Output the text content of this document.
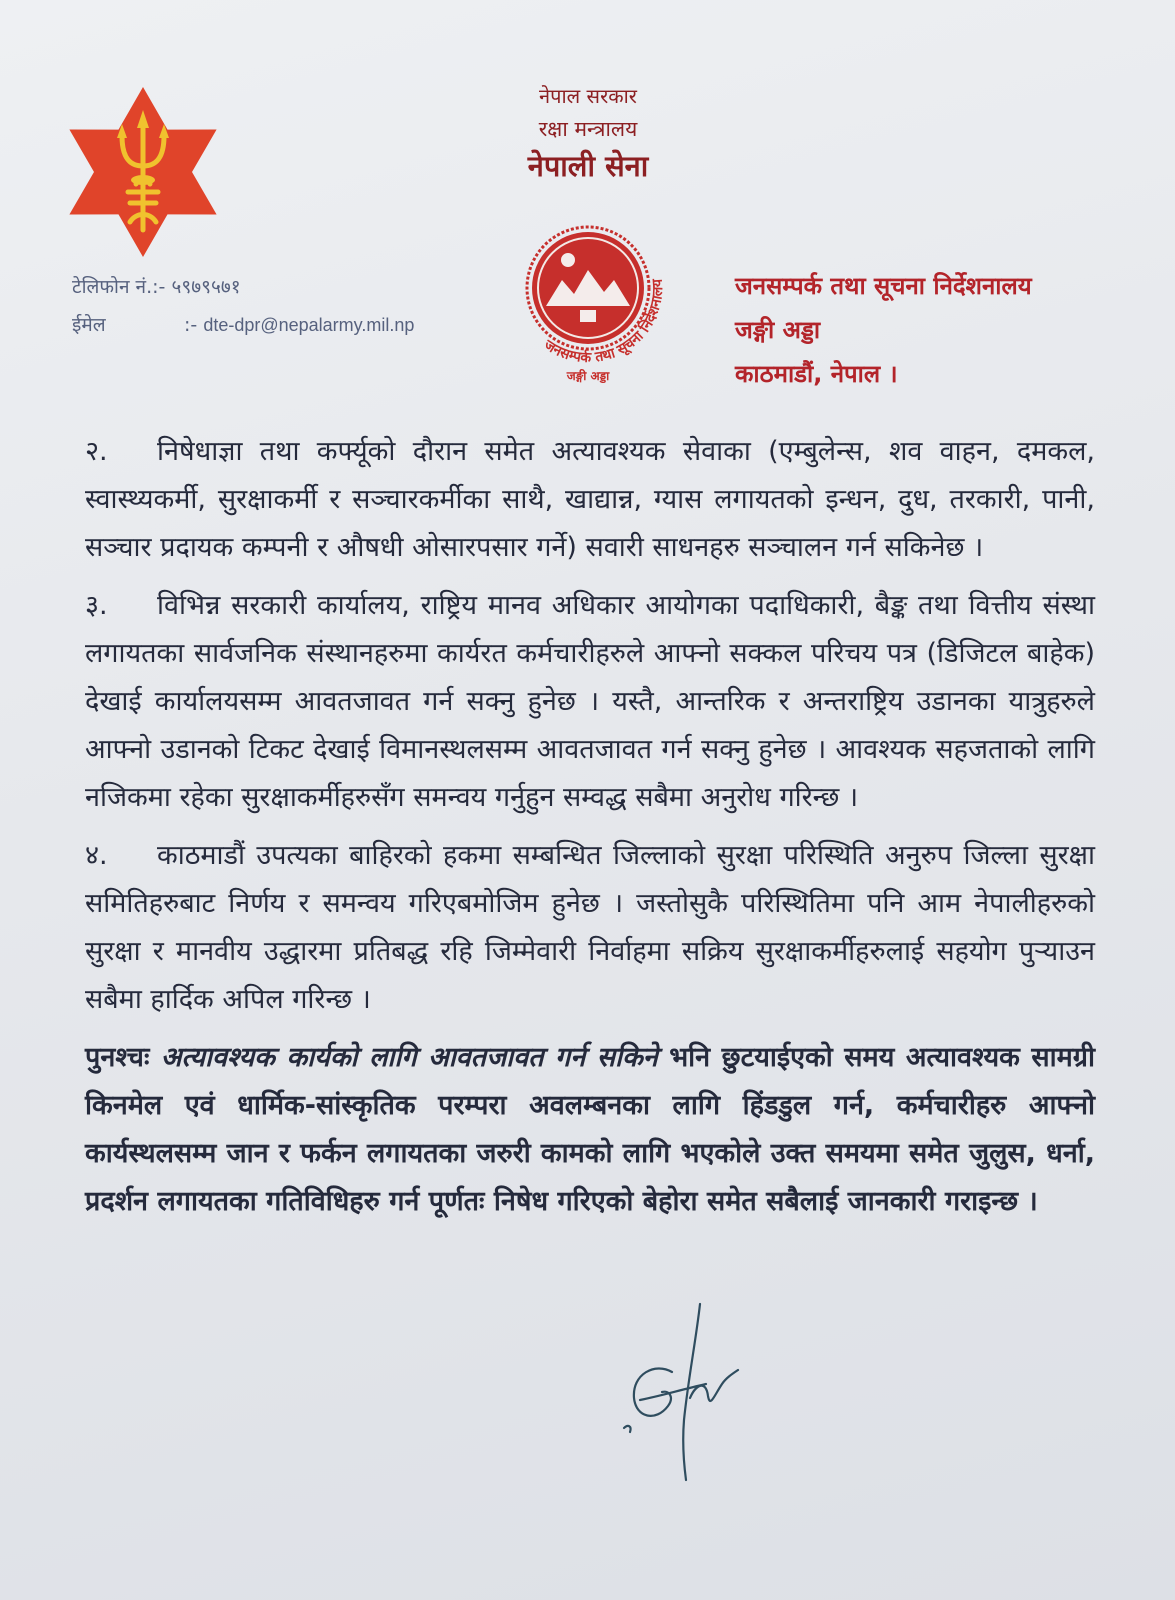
नेपाल सरकार
रक्षा मन्त्रालय
नेपाली सेना
टेलिफोन नं.:- ५९७९५७१
ईमेल	:- dte-dpr@nepalarmy.mil.np
जनसम्पर्क तथा सूचना निर्देशनालय
जङ्गी अड्डा
जनसम्पर्क तथा सूचना निर्देशनालय
जङ्गी अड्डा
काठमाडौं, नेपाल ।

२. निषेधाज्ञा तथा कर्फ्यूको दौरान समेत अत्यावश्यक सेवाका (एम्बुलेन्स, शव वाहन, दमकल, स्वास्थ्यकर्मी, सुरक्षाकर्मी र सञ्चारकर्मीका साथै, खाद्यान्न, ग्यास लगायतको इन्धन, दुध, तरकारी, पानी, सञ्चार प्रदायक कम्पनी र औषधी ओसारपसार गर्ने) सवारी साधनहरु सञ्चालन गर्न सकिनेछ ।

३. विभिन्न सरकारी कार्यालय, राष्ट्रिय मानव अधिकार आयोगका पदाधिकारी, बैङ्क तथा वित्तीय संस्था लगायतका सार्वजनिक संस्थानहरुमा कार्यरत कर्मचारीहरुले आफ्नो सक्कल परिचय पत्र (डिजिटल बाहेक) देखाई कार्यालयसम्म आवतजावत गर्न सक्नु हुनेछ । यस्तै, आन्तरिक र अन्तराष्ट्रिय उडानका यात्रुहरुले आफ्नो उडानको टिकट देखाई विमानस्थलसम्म आवतजावत गर्न सक्नु हुनेछ । आवश्यक सहजताको लागि नजिकमा रहेका सुरक्षाकर्मीहरुसँग समन्वय गर्नुहुन सम्वद्ध सबैमा अनुरोध गरिन्छ ।

४. काठमाडौं उपत्यका बाहिरको हकमा सम्बन्धित जिल्लाको सुरक्षा परिस्थिति अनुरुप जिल्ला सुरक्षा समितिहरुबाट निर्णय र समन्वय गरिएबमोजिम हुनेछ । जस्तोसुकै परिस्थितिमा पनि आम नेपालीहरुको सुरक्षा र मानवीय उद्धारमा प्रतिबद्ध रहि जिम्मेवारी निर्वाहमा सक्रिय सुरक्षाकर्मीहरुलाई सहयोग पुऱ्याउन सबैमा हार्दिक अपिल गरिन्छ ।

पुनश्चः अत्यावश्यक कार्यको लागि आवतजावत गर्न सकिने भनि छुटयाईएको समय अत्यावश्यक सामग्री किनमेल एवं धार्मिक-सांस्कृतिक परम्परा अवलम्बनका लागि हिंडडुल गर्न, कर्मचारीहरु आफ्नो कार्यस्थलसम्म जान र फर्कन लगायतका जरुरी कामको लागि भएकोले उक्त समयमा समेत जुलुस, धर्ना, प्रदर्शन लगायतका गतिविधिहरु गर्न पूर्णतः निषेध गरिएको बेहोरा समेत सबैलाई जानकारी गराइन्छ ।
